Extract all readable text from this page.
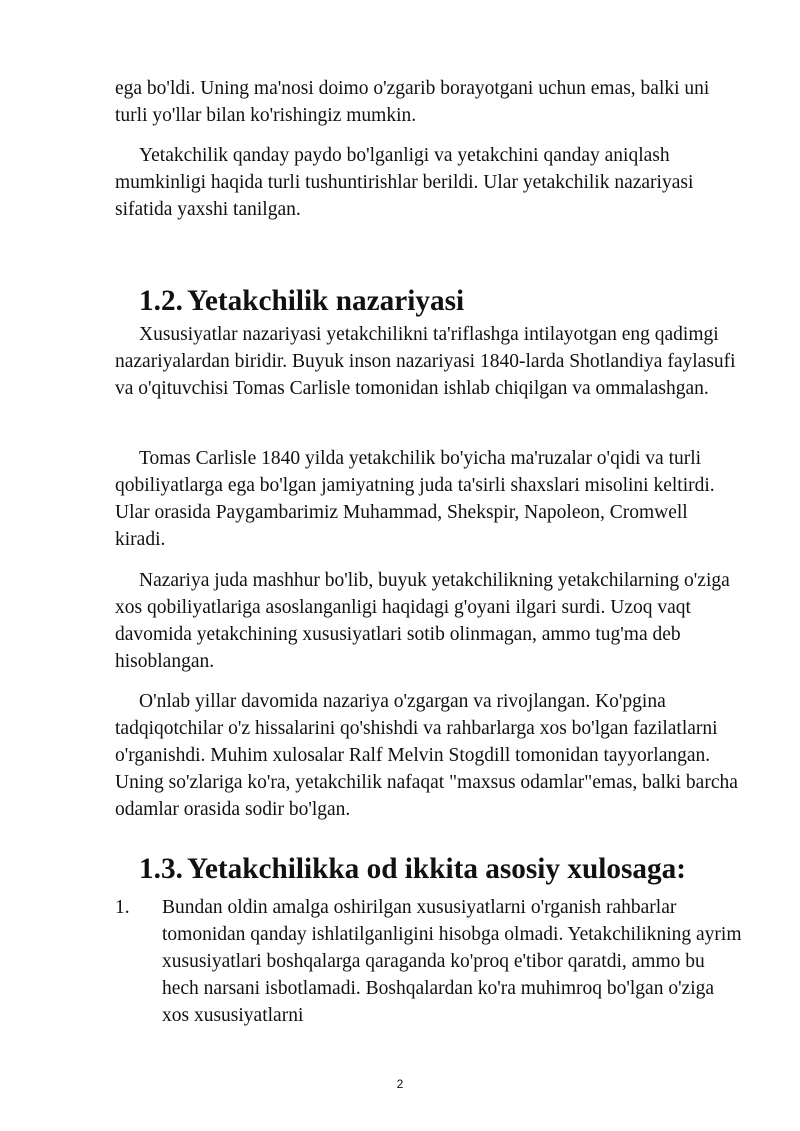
ega bo'ldi. Uning ma'nosi doimo o'zgarib borayotgani uchun emas, balki uni turli yo'llar bilan ko'rishingiz mumkin.

Yetakchilik qanday paydo bo'lganligi va yetakchini qanday aniqlash mumkinligi haqida turli tushuntirishlar berildi. Ular yetakchilik nazariyasi sifatida yaxshi tanilgan.

1.2. Yetakchilik nazariyasi

Xususiyatlar nazariyasi yetakchilikni ta'riflashga intilayotgan eng qadimgi nazariyalardan biridir. Buyuk inson nazariyasi 1840-larda Shotlandiya faylasufi va o'qituvchisi Tomas Carlisle tomonidan ishlab chiqilgan va ommalashgan.

Tomas Carlisle 1840 yilda yetakchilik bo'yicha ma'ruzalar o'qidi va turli qobiliyatlarga ega bo'lgan jamiyatning juda ta'sirli shaxslari misolini keltirdi. Ular orasida Paygambarimiz Muhammad, Shekspir, Napoleon, Cromwell kiradi.

Nazariya juda mashhur bo'lib, buyuk yetakchilikning yetakchilarning o'ziga xos qobiliyatlariga asoslanganligi haqidagi g'oyani ilgari surdi. Uzoq vaqt davomida yetakchining xususiyatlari sotib olinmagan, ammo tug'ma deb hisoblangan.

O'nlab yillar davomida nazariya o'zgargan va rivojlangan. Ko'pgina tadqiqotchilar o'z hissalarini qo'shishdi va rahbarlarga xos bo'lgan fazilatlarni o'rganishdi. Muhim xulosalar Ralf Melvin Stogdill tomonidan tayyorlangan. Uning so'zlariga ko'ra, yetakchilik nafaqat "maxsus odamlar"emas, balki barcha odamlar orasida sodir bo'lgan.

1.3. Yetakchilikka od ikkita asosiy xulosaga:
1. Bundan oldin amalga oshirilgan xususiyatlarni o'rganish rahbarlar tomonidan qanday ishlatilganligini hisobga olmadi. Yetakchilikning ayrim xususiyatlari boshqalarga qaraganda ko'proq e'tibor qaratdi, ammo bu hech narsani isbotlamadi. Boshqalardan ko'ra muhimroq bo'lgan o'ziga xos xususiyatlarni
2
